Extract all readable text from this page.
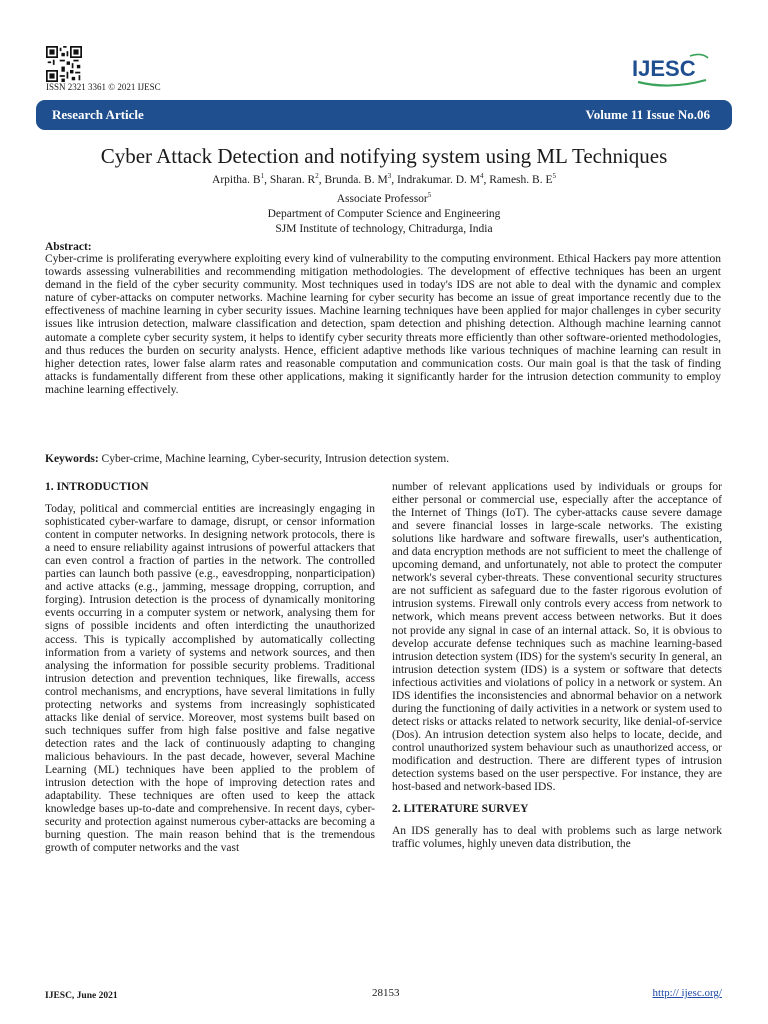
ISSN 2321 3361 © 2021 IJESC
IJESC
Research Article	Volume 11 Issue No.06
Cyber Attack Detection and notifying system using ML Techniques
Arpitha. $B^1$, Sharan. $R^2$, Brunda. B. $M^3$, Indrakumar. D. $M^4$, Ramesh. B. $E^5$
Associate Professor$^5$
Department of Computer Science and Engineering
SJM Institute of technology, Chitradurga, India
Abstract:
Cyber-crime is proliferating everywhere exploiting every kind of vulnerability to the computing environment. Ethical Hackers pay more attention towards assessing vulnerabilities and recommending mitigation methodologies. The development of effective techniques has been an urgent demand in the field of the cyber security community. Most techniques used in today's IDS are not able to deal with the dynamic and complex nature of cyber-attacks on computer networks. Machine learning for cyber security has become an issue of great importance recently due to the effectiveness of machine learning in cyber security issues. Machine learning techniques have been applied for major challenges in cyber security issues like intrusion detection, malware classification and detection, spam detection and phishing detection. Although machine learning cannot automate a complete cyber security system, it helps to identify cyber security threats more efficiently than other software-oriented methodologies, and thus reduces the burden on security analysts. Hence, efficient adaptive methods like various techniques of machine learning can result in higher detection rates, lower false alarm rates and reasonable computation and communication costs. Our main goal is that the task of finding attacks is fundamentally different from these other applications, making it significantly harder for the intrusion detection community to employ machine learning effectively.
Keywords: Cyber-crime, Machine learning, Cyber-security, Intrusion detection system.
1. INTRODUCTION
Today, political and commercial entities are increasingly engaging in sophisticated cyber-warfare to damage, disrupt, or censor information content in computer networks. In designing network protocols, there is a need to ensure reliability against intrusions of powerful attackers that can even control a fraction of parties in the network. The controlled parties can launch both passive (e.g., eavesdropping, nonparticipation) and active attacks (e.g., jamming, message dropping, corruption, and forging). Intrusion detection is the process of dynamically monitoring events occurring in a computer system or network, analysing them for signs of possible incidents and often interdicting the unauthorized access. This is typically accomplished by automatically collecting information from a variety of systems and network sources, and then analysing the information for possible security problems. Traditional intrusion detection and prevention techniques, like firewalls, access control mechanisms, and encryptions, have several limitations in fully protecting networks and systems from increasingly sophisticated attacks like denial of service. Moreover, most systems built based on such techniques suffer from high false positive and false negative detection rates and the lack of continuously adapting to changing malicious behaviours. In the past decade, however, several Machine Learning (ML) techniques have been applied to the problem of intrusion detection with the hope of improving detection rates and adaptability. These techniques are often used to keep the attack knowledge bases up-to-date and comprehensive. In recent days, cyber-security and protection against numerous cyber-attacks are becoming a burning question. The main reason behind that is the tremendous growth of computer networks and the vast
number of relevant applications used by individuals or groups for either personal or commercial use, especially after the acceptance of the Internet of Things (IoT). The cyber-attacks cause severe damage and severe financial losses in large-scale networks. The existing solutions like hardware and software firewalls, user's authentication, and data encryption methods are not sufficient to meet the challenge of upcoming demand, and unfortunately, not able to protect the computer network's several cyber-threats. These conventional security structures are not sufficient as safeguard due to the faster rigorous evolution of intrusion systems. Firewall only controls every access from network to network, which means prevent access between networks. But it does not provide any signal in case of an internal attack. So, it is obvious to develop accurate defense techniques such as machine learning-based intrusion detection system (IDS) for the system's security In general, an intrusion detection system (IDS) is a system or software that detects infectious activities and violations of policy in a network or system. An IDS identifies the inconsistencies and abnormal behavior on a network during the functioning of daily activities in a network or system used to detect risks or attacks related to network security, like denial-of-service (Dos). An intrusion detection system also helps to locate, decide, and control unauthorized system behaviour such as unauthorized access, or modification and destruction. There are different types of intrusion detection systems based on the user perspective. For instance, they are host-based and network-based IDS.
2. LITERATURE SURVEY
An IDS generally has to deal with problems such as large network traffic volumes, highly uneven data distribution, the
IJESC, June 2021	28153	http:// ijesc.org/
